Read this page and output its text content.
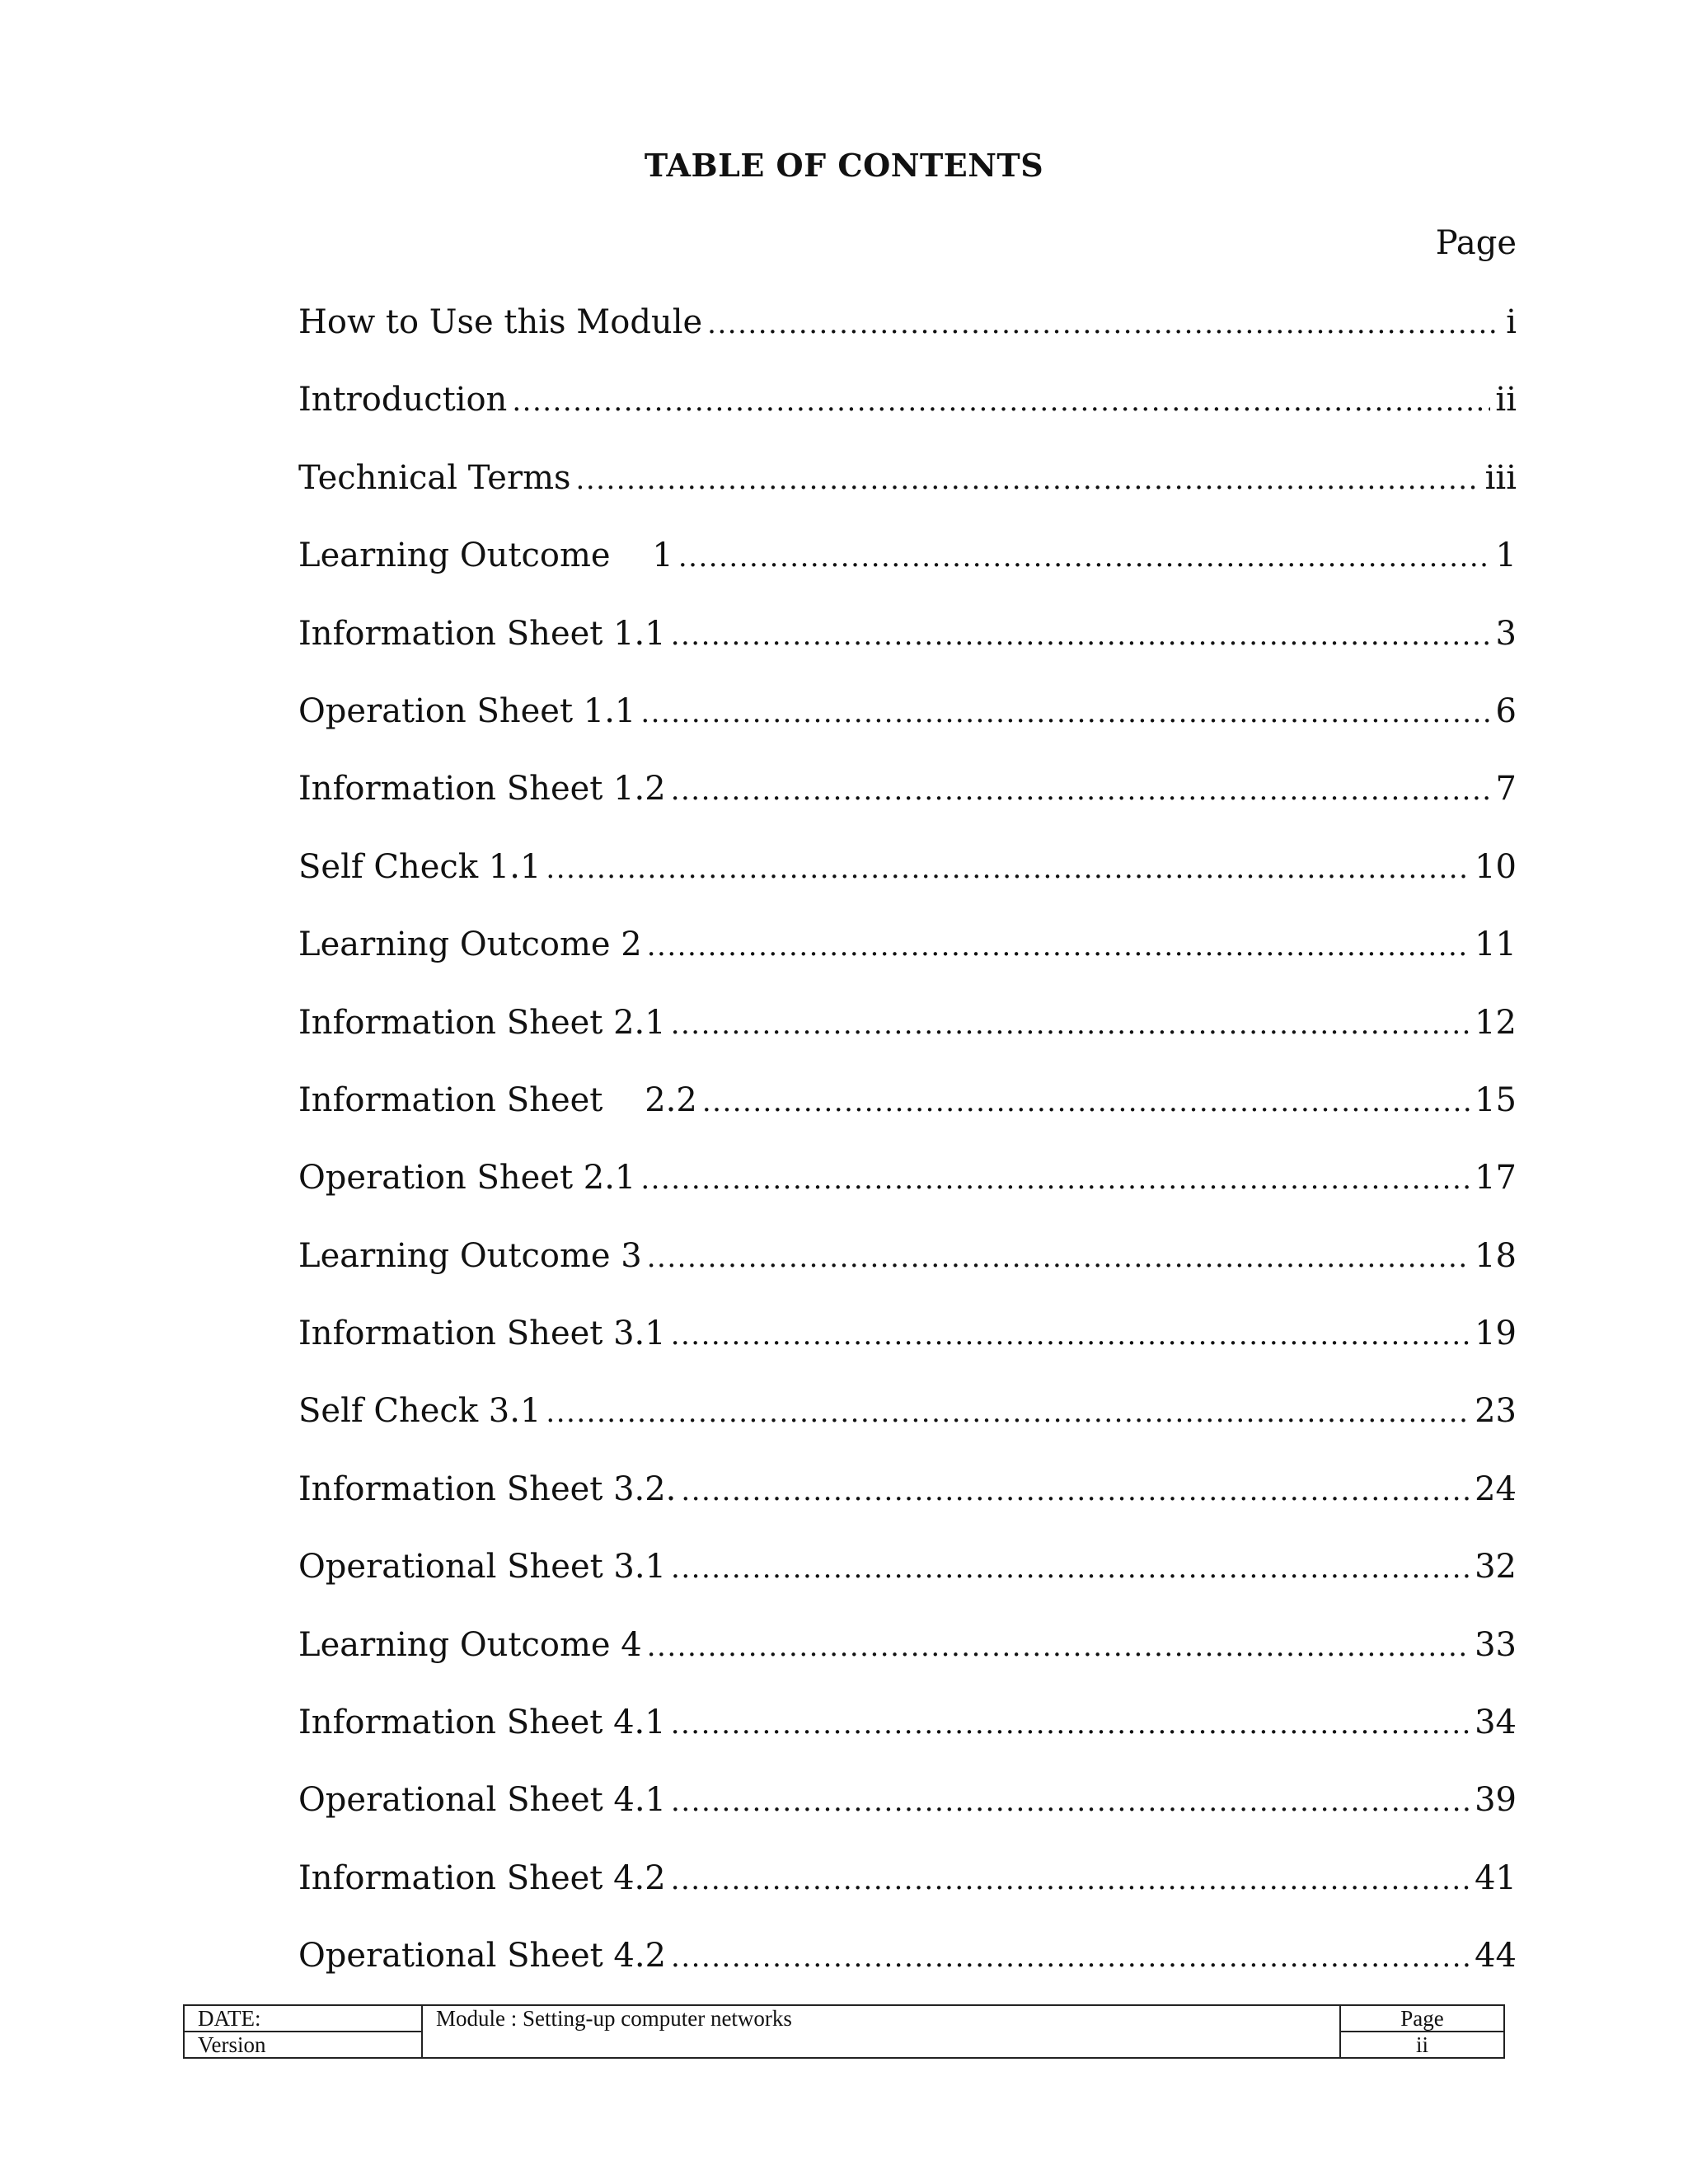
TABLE OF CONTENTS
Page
How to Use this Module .....	i
Introduction .....	ii
Technical Terms .....	iii
Learning Outcome    1 .....	1
Information Sheet 1.1 .....	3
Operation Sheet 1.1 .....	6
Information Sheet 1.2 .....	7
Self Check 1.1 .....	10
Learning Outcome 2 .....	11
Information Sheet 2.1 .....	12
Information Sheet    2.2 .....	15
Operation Sheet 2.1 .....	17
Learning Outcome 3 .....	18
Information Sheet 3.1 .....	19
Self Check 3.1 .....	23
Information Sheet 3.2. .....	24
Operational Sheet 3.1 .....	32
Learning Outcome 4 .....	33
Information Sheet 4.1 .....	34
Operational Sheet 4.1 .....	39
Information Sheet 4.2 .....	41
Operational Sheet 4.2 .....	44
DATE:	Module : Setting-up computer networks	Page
Version		ii
